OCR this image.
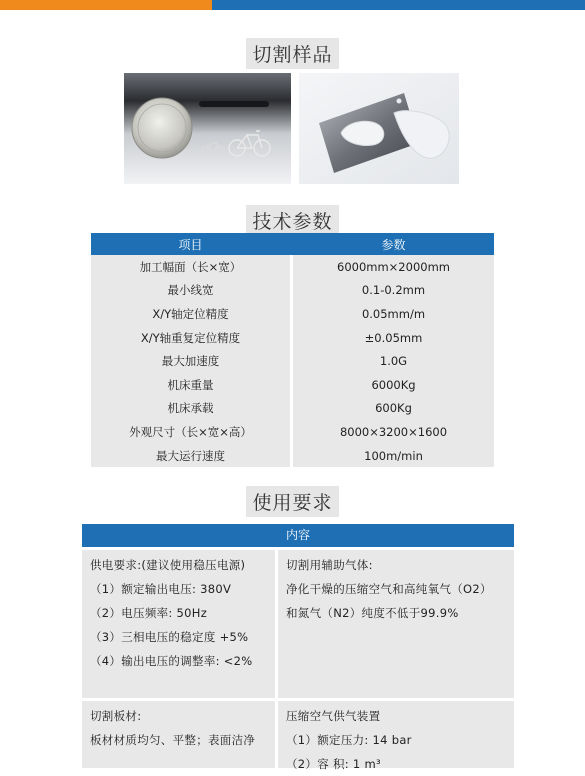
切割样品
技术参数
项目	参数
加工幅面（长×宽）	6000mm×2000mm
最小线宽	0.1-0.2mm
X/Y轴定位精度	0.05mm/m
X/Y轴重复定位精度	±0.05mm
最大加速度	1.0G
机床重量	6000Kg
机床承载	600Kg
外观尺寸（长×宽×高）	8000×3200×1600
最大运行速度	100m/min
使用要求
内容
供电要求:(建议使用稳压电源)
（1）额定输出电压: 380V
（2）电压频率: 50Hz
（3）三相电压的稳定度 +5%
（4）输出电压的调整率: <2%
切割用辅助气体:
净化干燥的压缩空气和高纯氧气（O2）
和氮气（N2）纯度不低于99.9%
切割板材:
板材材质均匀、平整；表面洁净
压缩空气供气装置
（1）额定压力: 14 bar
（2）容 积: 1 m³
